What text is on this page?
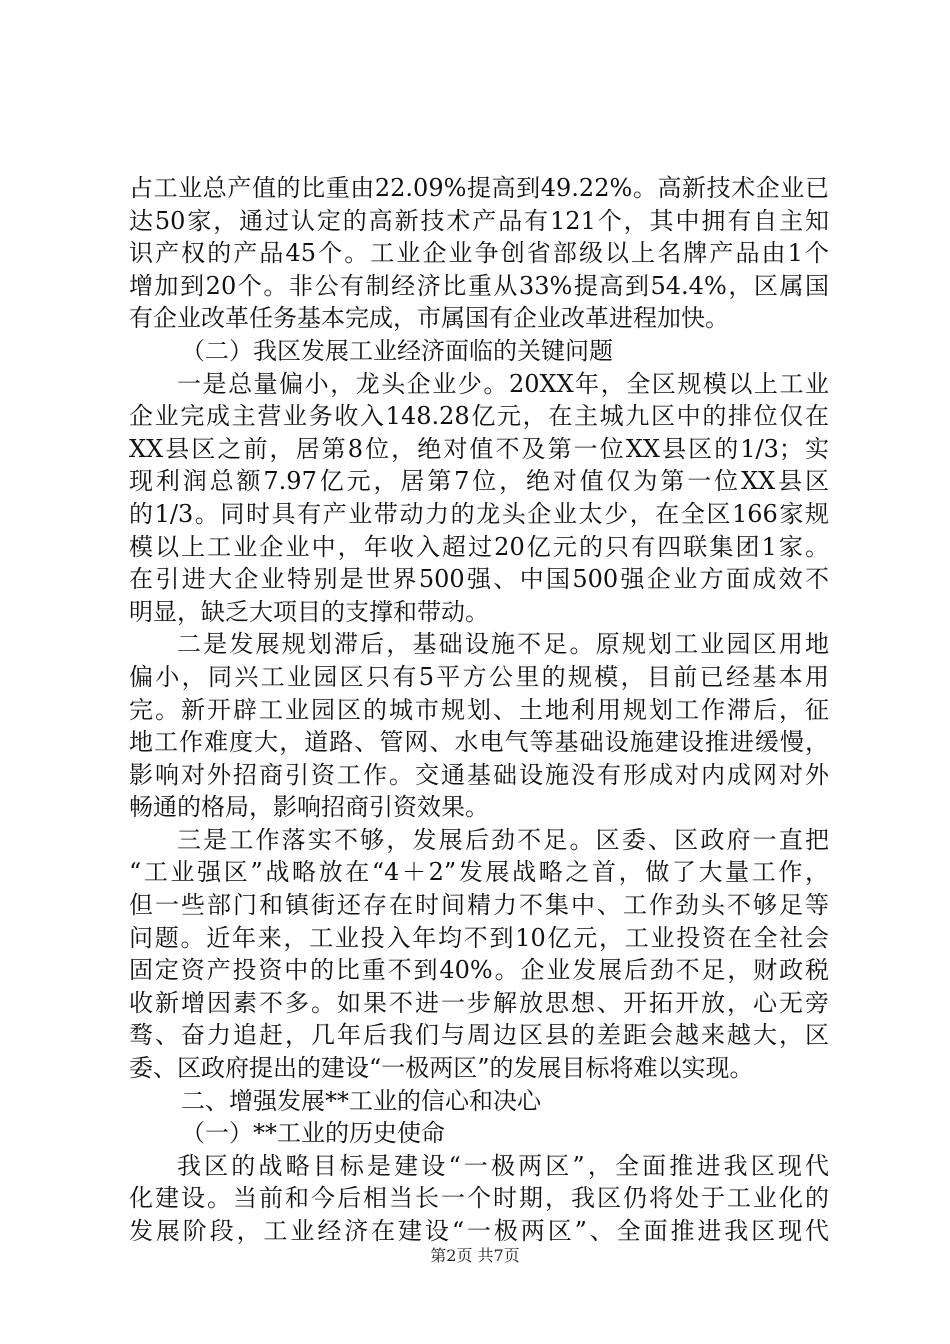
占工业总产值的比重由22.09%提高到49.22%。高新技术企业已
达50家，通过认定的高新技术产品有121个，其中拥有自主知
识产权的产品45个。工业企业争创省部级以上名牌产品由1个
增加到20个。非公有制经济比重从33%提高到54.4%，区属国
有企业改革任务基本完成，市属国有企业改革进程加快。
（二）我区发展工业经济面临的关键问题
一是总量偏小，龙头企业少。20XX年，全区规模以上工业
企业完成主营业务收入148.28亿元，在主城九区中的排位仅在
XX县区之前，居第8位，绝对值不及第一位XX县区的1/3；实
现利润总额7.97亿元，居第7位，绝对值仅为第一位XX县区
的1/3。同时具有产业带动力的龙头企业太少，在全区166家规
模以上工业企业中，年收入超过20亿元的只有四联集团1家。
在引进大企业特别是世界500强、中国500强企业方面成效不
明显，缺乏大项目的支撑和带动。
二是发展规划滞后，基础设施不足。原规划工业园区用地
偏小，同兴工业园区只有5平方公里的规模，目前已经基本用
完。新开辟工业园区的城市规划、土地利用规划工作滞后，征
地工作难度大，道路、管网、水电气等基础设施建设推进缓慢，
影响对外招商引资工作。交通基础设施没有形成对内成网对外
畅通的格局，影响招商引资效果。
三是工作落实不够，发展后劲不足。区委、区政府一直把
“工业强区”战略放在“4＋2”发展战略之首，做了大量工作，
但一些部门和镇街还存在时间精力不集中、工作劲头不够足等
问题。近年来，工业投入年均不到10亿元，工业投资在全社会
固定资产投资中的比重不到40%。企业发展后劲不足，财政税
收新增因素不多。如果不进一步解放思想、开拓开放，心无旁
骛、奋力追赶，几年后我们与周边区县的差距会越来越大，区
委、区政府提出的建设“一极两区”的发展目标将难以实现。
二、增强发展**工业的信心和决心
（一）**工业的历史使命
我区的战略目标是建设“一极两区”，全面推进我区现代
化建设。当前和今后相当长一个时期，我区仍将处于工业化的
发展阶段，工业经济在建设“一极两区”、全面推进我区现代
第2页 共7页
